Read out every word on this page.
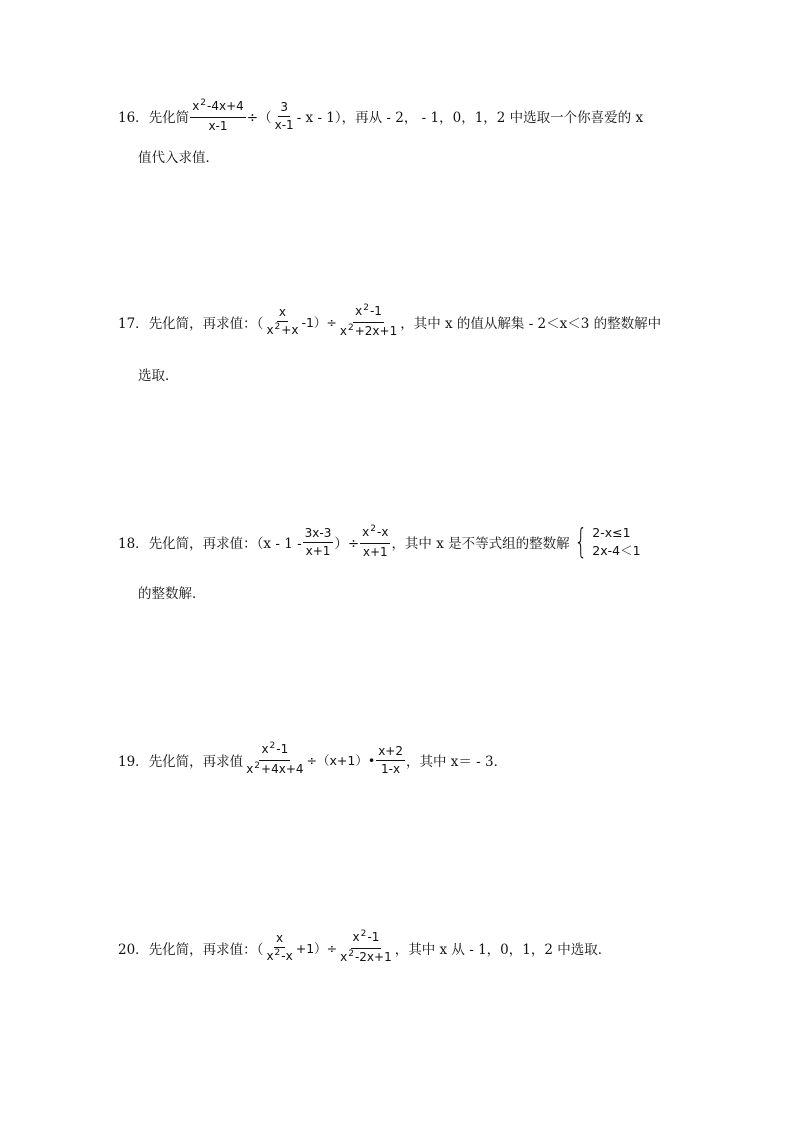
16． 先化简 $\frac{x^2-4x+4}{x-1}$ ÷（ $\frac{3}{x-1}$ - x - 1），再从 - 2， - 1，0，1，2 中选取一个你喜爱的 x
值代入求值．
17． 先化简，再求值：（ $\frac{x}{x^2+x} -1)\div \frac{x^2-1}{x^2+2x+1}$ ，其中 x 的值从解集 - 2＜x＜3 的整数解中
选取．
18． 先化简，再求值：（$x - 1 - \frac{3x-3}{x+1}$ ）÷ $\frac{x^2-x}{x+1}$ ，其中 x 是不等式组的整数解 { 2-x≤1
2x-4＜1
的整数解．
19． 先化简，再求值 $\frac{x^2-1}{x^2+4x+4}$ ÷（x+1）• $\frac{x+2}{1-x}$ ，其中 x＝ - 3．
20． 先化简，再求值：（ $\frac{x}{x^2-x} +1)\div \frac{x^2-1}{x^2-2x+1}$ ，其中 x 从 - 1，0，1，2 中选取．
